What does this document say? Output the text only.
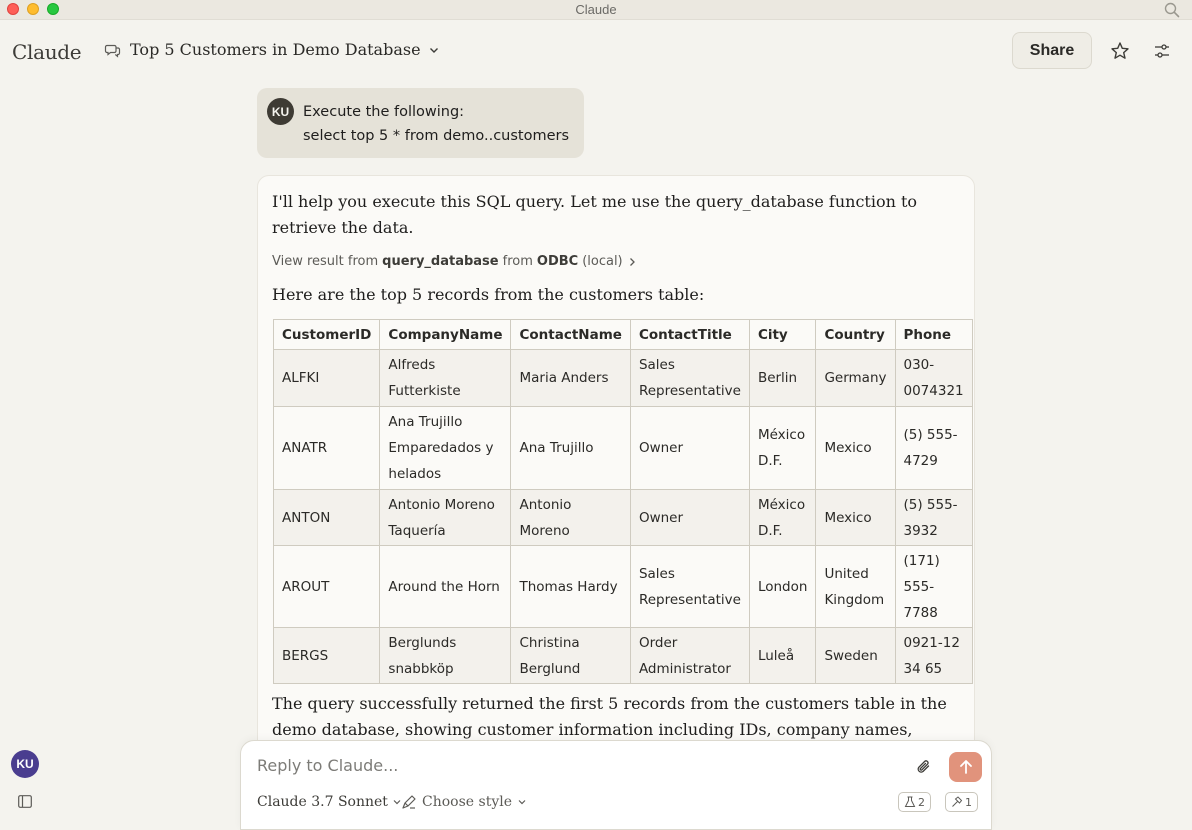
Claude
Claude	Top 5 Customers in Demo Database	Share
KU Execute the following:
select top 5 * from demo..customers

I'll help you execute this SQL query. Let me use the query_database function to retrieve the data.

View result from query_database from ODBC (local)

Here are the top 5 records from the customers table:

CustomerID	CompanyName	ContactName	ContactTitle	City	Country	Phone
ALFKI	Alfreds Futterkiste	Maria Anders	Sales Representative	Berlin	Germany	030-0074321
ANATR	Ana Trujillo Emparedados y helados	Ana Trujillo	Owner	México D.F.	Mexico	(5) 555-4729
ANTON	Antonio Moreno Taquería	Antonio Moreno	Owner	México D.F.	Mexico	(5) 555-3932
AROUT	Around the Horn	Thomas Hardy	Sales Representative	London	United Kingdom	(171) 555-7788
BERGS	Berglunds snabbköp	Christina Berglund	Order Administrator	Luleå	Sweden	0921-12 34 65

The query successfully returned the first 5 records from the customers table in the demo database, showing customer information including IDs, company names,

Reply to Claude...
Claude 3.7 Sonnet Choose style	2	1
KU
